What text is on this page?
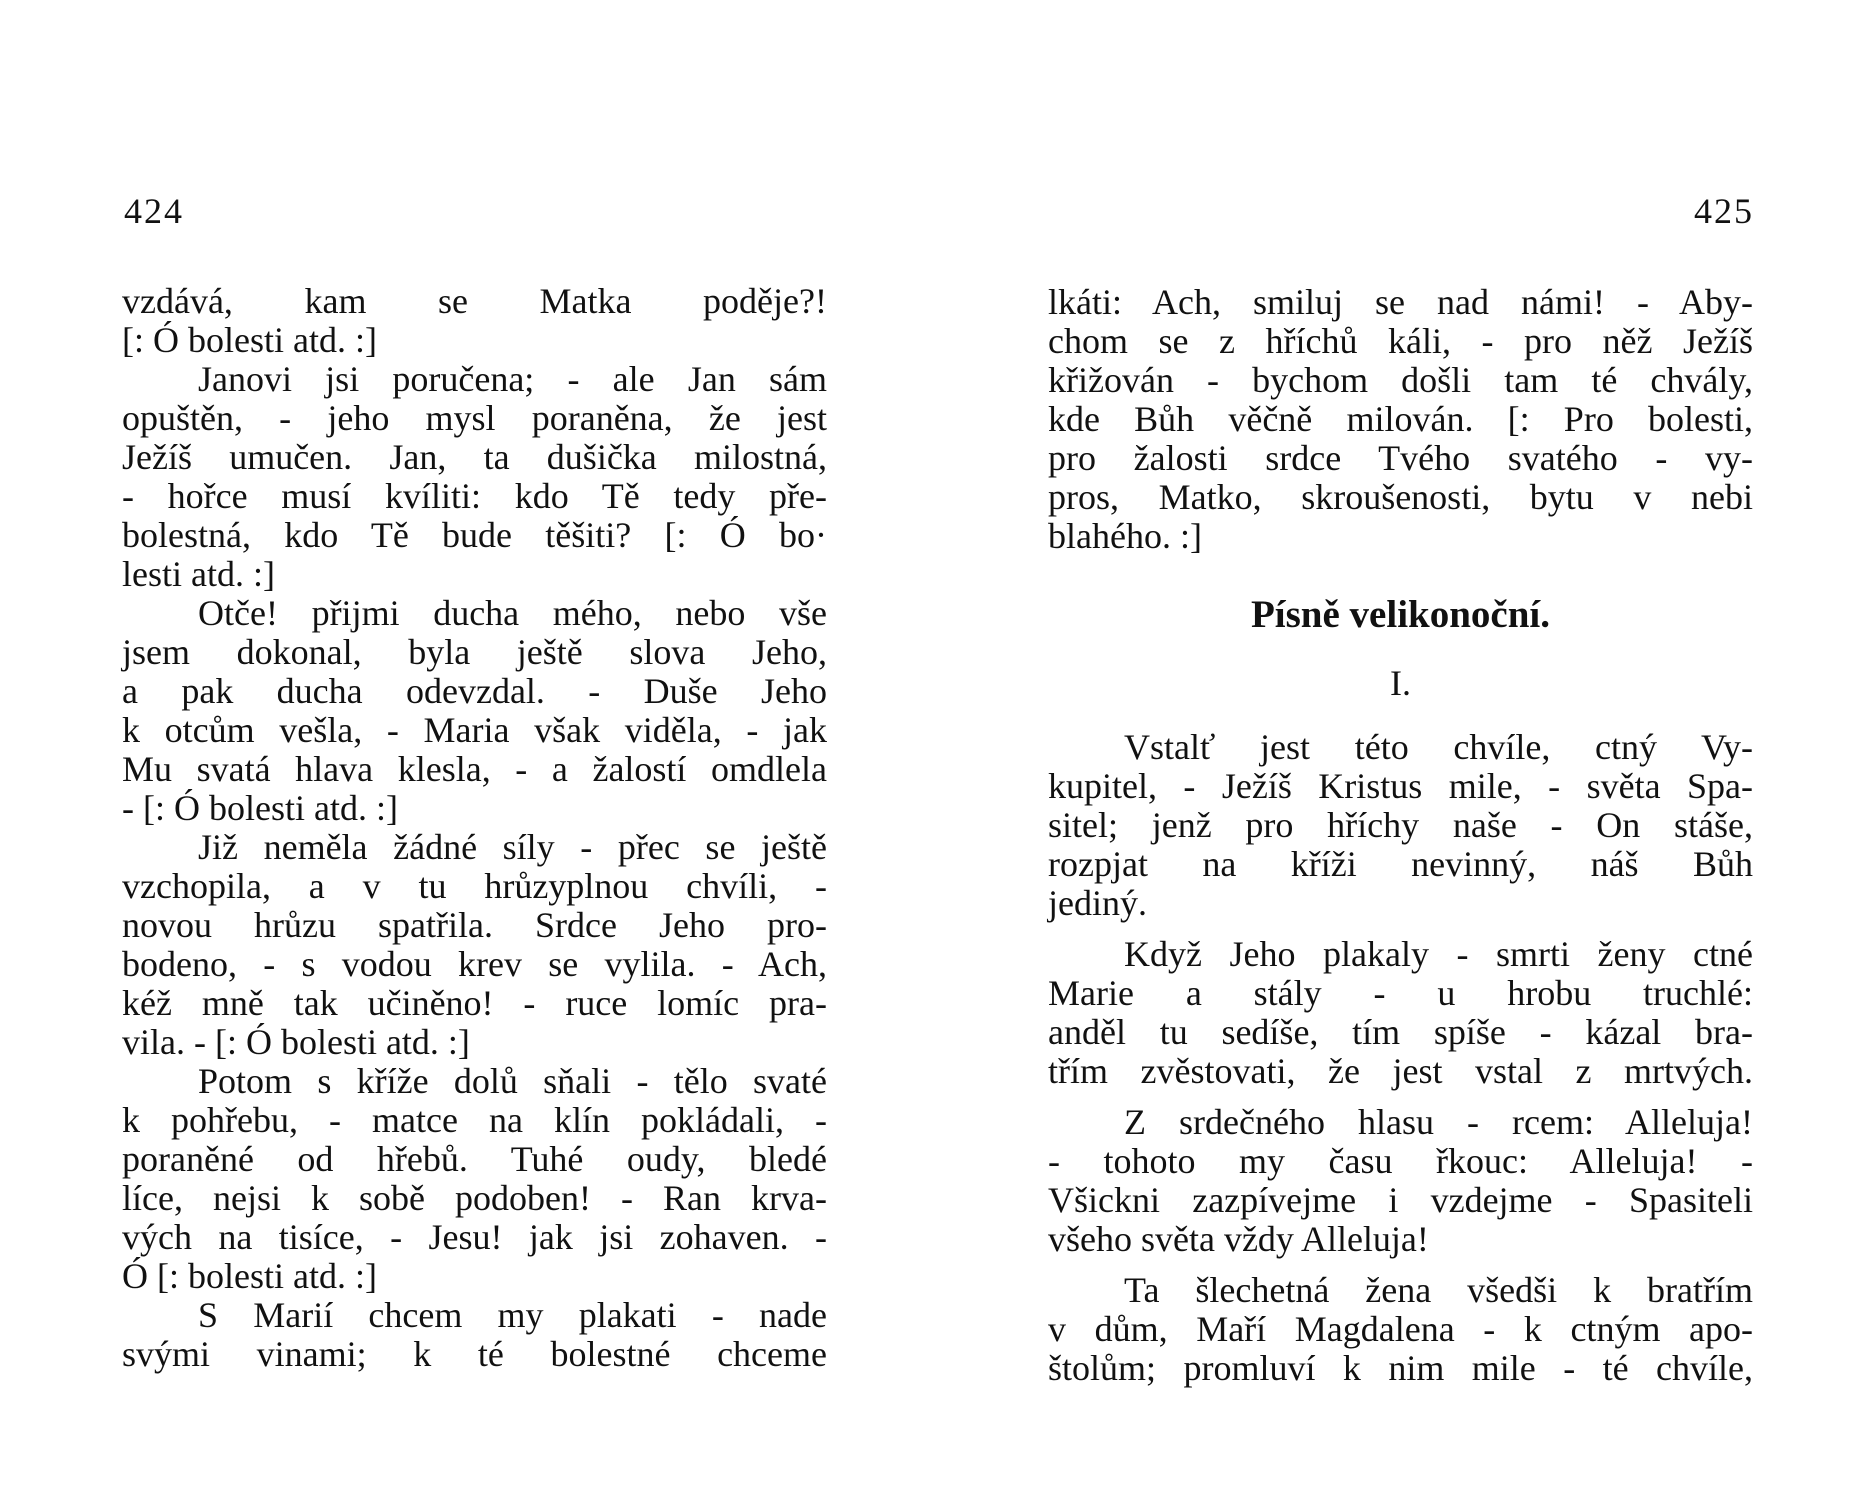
424
vzdává, kam se Matka poděje?!
[: Ó bolesti atd. :]
Janovi jsi poručena; - ale Jan sám
opuštěn, - jeho mysl poraněna, že jest
Ježíš umučen. Jan, ta dušička milostná,
- hořce musí kvíliti: kdo Tě tedy pře-
bolestná, kdo Tě bude těšiti? [: Ó bo·
lesti atd. :]
Otče! přijmi ducha mého, nebo vše
jsem dokonal, byla ještě slova Jeho,
a pak ducha odevzdal. - Duše Jeho
k otcům vešla, - Maria však viděla, - jak
Mu svatá hlava klesla, - a žalostí omdlela
- [: Ó bolesti atd. :]
Již neměla žádné síly - přec se ještě
vzchopila, a v tu hrůzyplnou chvíli, -
novou hrůzu spatřila. Srdce Jeho pro-
bodeno, - s vodou krev se vylila. - Ach,
kéž mně tak učiněno! - ruce lomíc pra-
vila. - [: Ó bolesti atd. :]
Potom s kříže dolů sňali - tělo svaté
k pohřebu, - matce na klín pokládali, -
poraněné od hřebů. Tuhé oudy, bledé
líce, nejsi k sobě podoben! - Ran krva-
vých na tisíce, - Jesu! jak jsi zohaven. -
Ó [: bolesti atd. :]
S Marií chcem my plakati - nade
svými vinami; k té bolestné chceme
425
lkáti: Ach, smiluj se nad námi! - Aby-
chom se z hříchů káli, - pro něž Ježíš
křižován - bychom došli tam té chvály,
kde Bůh věčně milován. [: Pro bolesti,
pro žalosti srdce Tvého svatého - vy-
pros, Matko, skroušenosti, bytu v nebi
blahého. :]
Písně velikonoční.
I.
Vstalť jest této chvíle, ctný Vy-
kupitel, - Ježíš Kristus mile, - světa Spa-
sitel; jenž pro hříchy naše - On stáše,
rozpjat na kříži nevinný, náš Bůh
jediný.
Když Jeho plakaly - smrti ženy ctné
Marie a stály - u hrobu truchlé:
anděl tu sedíše, tím spíše - kázal bra-
třím zvěstovati, že jest vstal z mrtvých.
Z srdečného hlasu - rcem: Alleluja!
- tohoto my času řkouc: Alleluja! -
Všickni zazpívejme i vzdejme - Spasiteli
všeho světa vždy Alleluja!
Ta šlechetná žena všedši k bratřím
v dům, Maří Magdalena - k ctným apo-
štolům; promluví k nim mile - té chvíle,
